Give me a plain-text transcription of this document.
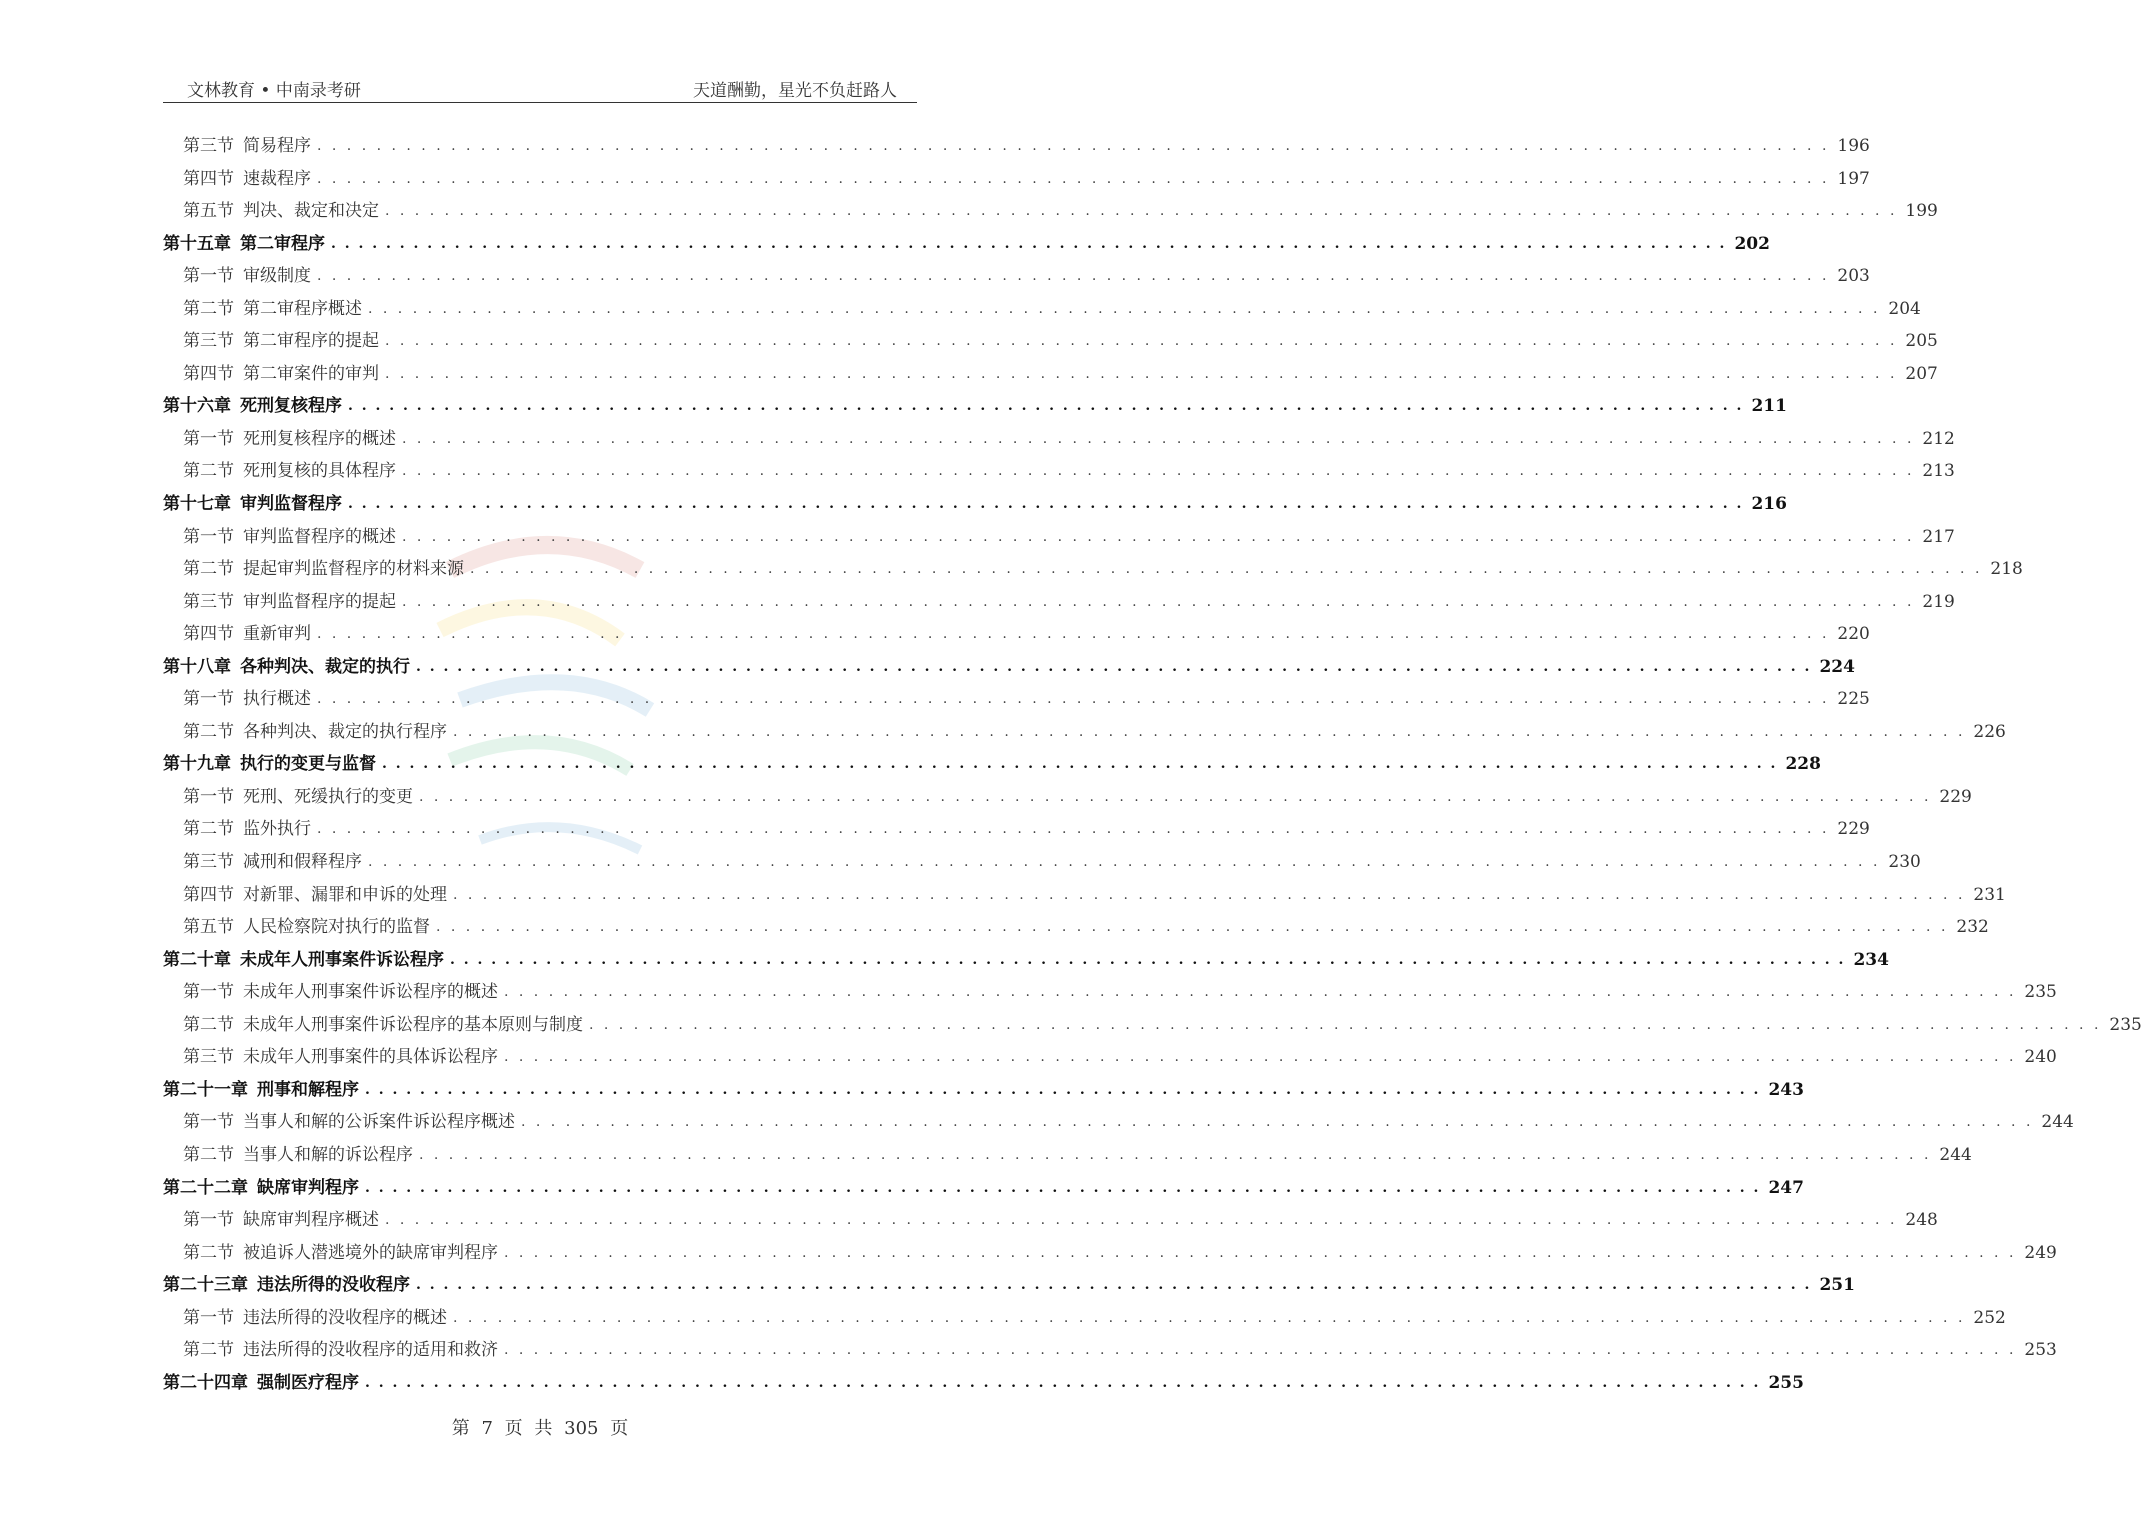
文林教育 • 中南录考研	天道酬勤，星光不负赶路人
第三节 简易程序 . . . . . . . . . . . . . . . . . . . . . . . . . . . . . . . . . . . . . . . . . . . . . . . . . . . . . . . . . . . . . . . . . . . . . . . . . . . . . . . . . . . . . . . . . . . . . . . . . . . . . . 196
第四节 速裁程序 . . . . . . . . . . . . . . . . . . . . . . . . . . . . . . . . . . . . . . . . . . . . . . . . . . . . . . . . . . . . . . . . . . . . . . . . . . . . . . . . . . . . . . . . . . . . . . . . . . . . . . 197
第五节 判决、裁定和决定 . . . . . . . . . . . . . . . . . . . . . . . . . . . . . . . . . . . . . . . . . . . . . . . . . . . . . . . . . . . . . . . . . . . . . . . . . . . . . . . . . . . . . . . . . . . . . . . . . . . . . . 199
第十五章 第二审程序 . . . . . . . . . . . . . . . . . . . . . . . . . . . . . . . . . . . . . . . . . . . . . . . . . . . . . . . . . . . . . . . . . . . . . . . . . . . . . . . . . . . . . . . . . . . . . . . . . . . . . . 202
第一节 审级制度 . . . . . . . . . . . . . . . . . . . . . . . . . . . . . . . . . . . . . . . . . . . . . . . . . . . . . . . . . . . . . . . . . . . . . . . . . . . . . . . . . . . . . . . . . . . . . . . . . . . . . . 203
第二节 第二审程序概述 . . . . . . . . . . . . . . . . . . . . . . . . . . . . . . . . . . . . . . . . . . . . . . . . . . . . . . . . . . . . . . . . . . . . . . . . . . . . . . . . . . . . . . . . . . . . . . . . . . . . . . 204
第三节 第二审程序的提起 . . . . . . . . . . . . . . . . . . . . . . . . . . . . . . . . . . . . . . . . . . . . . . . . . . . . . . . . . . . . . . . . . . . . . . . . . . . . . . . . . . . . . . . . . . . . . . . . . . . . . . 205
第四节 第二审案件的审判 . . . . . . . . . . . . . . . . . . . . . . . . . . . . . . . . . . . . . . . . . . . . . . . . . . . . . . . . . . . . . . . . . . . . . . . . . . . . . . . . . . . . . . . . . . . . . . . . . . . . . . 207
第十六章 死刑复核程序 . . . . . . . . . . . . . . . . . . . . . . . . . . . . . . . . . . . . . . . . . . . . . . . . . . . . . . . . . . . . . . . . . . . . . . . . . . . . . . . . . . . . . . . . . . . . . . . . . . . . . . 211
第一节 死刑复核程序的概述 . . . . . . . . . . . . . . . . . . . . . . . . . . . . . . . . . . . . . . . . . . . . . . . . . . . . . . . . . . . . . . . . . . . . . . . . . . . . . . . . . . . . . . . . . . . . . . . . . . . . . . 212
第二节 死刑复核的具体程序 . . . . . . . . . . . . . . . . . . . . . . . . . . . . . . . . . . . . . . . . . . . . . . . . . . . . . . . . . . . . . . . . . . . . . . . . . . . . . . . . . . . . . . . . . . . . . . . . . . . . . . 213
第十七章 审判监督程序 . . . . . . . . . . . . . . . . . . . . . . . . . . . . . . . . . . . . . . . . . . . . . . . . . . . . . . . . . . . . . . . . . . . . . . . . . . . . . . . . . . . . . . . . . . . . . . . . . . . . . . 216
第一节 审判监督程序的概述 . . . . . . . . . . . . . . . . . . . . . . . . . . . . . . . . . . . . . . . . . . . . . . . . . . . . . . . . . . . . . . . . . . . . . . . . . . . . . . . . . . . . . . . . . . . . . . . . . . . . . . 217
第二节 提起审判监督程序的材料来源 . . . . . . . . . . . . . . . . . . . . . . . . . . . . . . . . . . . . . . . . . . . . . . . . . . . . . . . . . . . . . . . . . . . . . . . . . . . . . . . . . . . . . . . . . . . . . . . . . . . . . . 218
第三节 审判监督程序的提起 . . . . . . . . . . . . . . . . . . . . . . . . . . . . . . . . . . . . . . . . . . . . . . . . . . . . . . . . . . . . . . . . . . . . . . . . . . . . . . . . . . . . . . . . . . . . . . . . . . . . . . 219
第四节 重新审判 . . . . . . . . . . . . . . . . . . . . . . . . . . . . . . . . . . . . . . . . . . . . . . . . . . . . . . . . . . . . . . . . . . . . . . . . . . . . . . . . . . . . . . . . . . . . . . . . . . . . . . 220
第十八章 各种判决、裁定的执行 . . . . . . . . . . . . . . . . . . . . . . . . . . . . . . . . . . . . . . . . . . . . . . . . . . . . . . . . . . . . . . . . . . . . . . . . . . . . . . . . . . . . . . . . . . . . . . . . . . . . . . 224
第一节 执行概述 . . . . . . . . . . . . . . . . . . . . . . . . . . . . . . . . . . . . . . . . . . . . . . . . . . . . . . . . . . . . . . . . . . . . . . . . . . . . . . . . . . . . . . . . . . . . . . . . . . . . . . 225
第二节 各种判决、裁定的执行程序 . . . . . . . . . . . . . . . . . . . . . . . . . . . . . . . . . . . . . . . . . . . . . . . . . . . . . . . . . . . . . . . . . . . . . . . . . . . . . . . . . . . . . . . . . . . . . . . . . . . . . . 226
第十九章 执行的变更与监督 . . . . . . . . . . . . . . . . . . . . . . . . . . . . . . . . . . . . . . . . . . . . . . . . . . . . . . . . . . . . . . . . . . . . . . . . . . . . . . . . . . . . . . . . . . . . . . . . . . . . . . 228
第一节 死刑、死缓执行的变更 . . . . . . . . . . . . . . . . . . . . . . . . . . . . . . . . . . . . . . . . . . . . . . . . . . . . . . . . . . . . . . . . . . . . . . . . . . . . . . . . . . . . . . . . . . . . . . . . . . . . . . 229
第二节 监外执行 . . . . . . . . . . . . . . . . . . . . . . . . . . . . . . . . . . . . . . . . . . . . . . . . . . . . . . . . . . . . . . . . . . . . . . . . . . . . . . . . . . . . . . . . . . . . . . . . . . . . . . 229
第三节 减刑和假释程序 . . . . . . . . . . . . . . . . . . . . . . . . . . . . . . . . . . . . . . . . . . . . . . . . . . . . . . . . . . . . . . . . . . . . . . . . . . . . . . . . . . . . . . . . . . . . . . . . . . . . . . 230
第四节 对新罪、漏罪和申诉的处理 . . . . . . . . . . . . . . . . . . . . . . . . . . . . . . . . . . . . . . . . . . . . . . . . . . . . . . . . . . . . . . . . . . . . . . . . . . . . . . . . . . . . . . . . . . . . . . . . . . . . . . 231
第五节 人民检察院对执行的监督 . . . . . . . . . . . . . . . . . . . . . . . . . . . . . . . . . . . . . . . . . . . . . . . . . . . . . . . . . . . . . . . . . . . . . . . . . . . . . . . . . . . . . . . . . . . . . . . . . . . . . . 232
第二十章 未成年人刑事案件诉讼程序 . . . . . . . . . . . . . . . . . . . . . . . . . . . . . . . . . . . . . . . . . . . . . . . . . . . . . . . . . . . . . . . . . . . . . . . . . . . . . . . . . . . . . . . . . . . . . . . . . . . . . . 234
第一节 未成年人刑事案件诉讼程序的概述 . . . . . . . . . . . . . . . . . . . . . . . . . . . . . . . . . . . . . . . . . . . . . . . . . . . . . . . . . . . . . . . . . . . . . . . . . . . . . . . . . . . . . . . . . . . . . . . . . . . . . . 235
第二节 未成年人刑事案件诉讼程序的基本原则与制度 . . . . . . . . . . . . . . . . . . . . . . . . . . . . . . . . . . . . . . . . . . . . . . . . . . . . . . . . . . . . . . . . . . . . . . . . . . . . . . . . . . . . . . . . . . . . . . . . . . . . . . 235
第三节 未成年人刑事案件的具体诉讼程序 . . . . . . . . . . . . . . . . . . . . . . . . . . . . . . . . . . . . . . . . . . . . . . . . . . . . . . . . . . . . . . . . . . . . . . . . . . . . . . . . . . . . . . . . . . . . . . . . . . . . . . 240
第二十一章 刑事和解程序 . . . . . . . . . . . . . . . . . . . . . . . . . . . . . . . . . . . . . . . . . . . . . . . . . . . . . . . . . . . . . . . . . . . . . . . . . . . . . . . . . . . . . . . . . . . . . . . . . . . . . . 243
第一节 当事人和解的公诉案件诉讼程序概述 . . . . . . . . . . . . . . . . . . . . . . . . . . . . . . . . . . . . . . . . . . . . . . . . . . . . . . . . . . . . . . . . . . . . . . . . . . . . . . . . . . . . . . . . . . . . . . . . . . . . . . 244
第二节 当事人和解的诉讼程序 . . . . . . . . . . . . . . . . . . . . . . . . . . . . . . . . . . . . . . . . . . . . . . . . . . . . . . . . . . . . . . . . . . . . . . . . . . . . . . . . . . . . . . . . . . . . . . . . . . . . . . 244
第二十二章 缺席审判程序 . . . . . . . . . . . . . . . . . . . . . . . . . . . . . . . . . . . . . . . . . . . . . . . . . . . . . . . . . . . . . . . . . . . . . . . . . . . . . . . . . . . . . . . . . . . . . . . . . . . . . . 247
第一节 缺席审判程序概述 . . . . . . . . . . . . . . . . . . . . . . . . . . . . . . . . . . . . . . . . . . . . . . . . . . . . . . . . . . . . . . . . . . . . . . . . . . . . . . . . . . . . . . . . . . . . . . . . . . . . . . 248
第二节 被追诉人潜逃境外的缺席审判程序 . . . . . . . . . . . . . . . . . . . . . . . . . . . . . . . . . . . . . . . . . . . . . . . . . . . . . . . . . . . . . . . . . . . . . . . . . . . . . . . . . . . . . . . . . . . . . . . . . . . . . . 249
第二十三章 违法所得的没收程序 . . . . . . . . . . . . . . . . . . . . . . . . . . . . . . . . . . . . . . . . . . . . . . . . . . . . . . . . . . . . . . . . . . . . . . . . . . . . . . . . . . . . . . . . . . . . . . . . . . . . . . 251
第一节 违法所得的没收程序的概述 . . . . . . . . . . . . . . . . . . . . . . . . . . . . . . . . . . . . . . . . . . . . . . . . . . . . . . . . . . . . . . . . . . . . . . . . . . . . . . . . . . . . . . . . . . . . . . . . . . . . . . 252
第二节 违法所得的没收程序的适用和救济 . . . . . . . . . . . . . . . . . . . . . . . . . . . . . . . . . . . . . . . . . . . . . . . . . . . . . . . . . . . . . . . . . . . . . . . . . . . . . . . . . . . . . . . . . . . . . . . . . . . . . . 253
第二十四章 强制医疗程序 . . . . . . . . . . . . . . . . . . . . . . . . . . . . . . . . . . . . . . . . . . . . . . . . . . . . . . . . . . . . . . . . . . . . . . . . . . . . . . . . . . . . . . . . . . . . . . . . . . . . . . 255
第 7 页 共 305 页
